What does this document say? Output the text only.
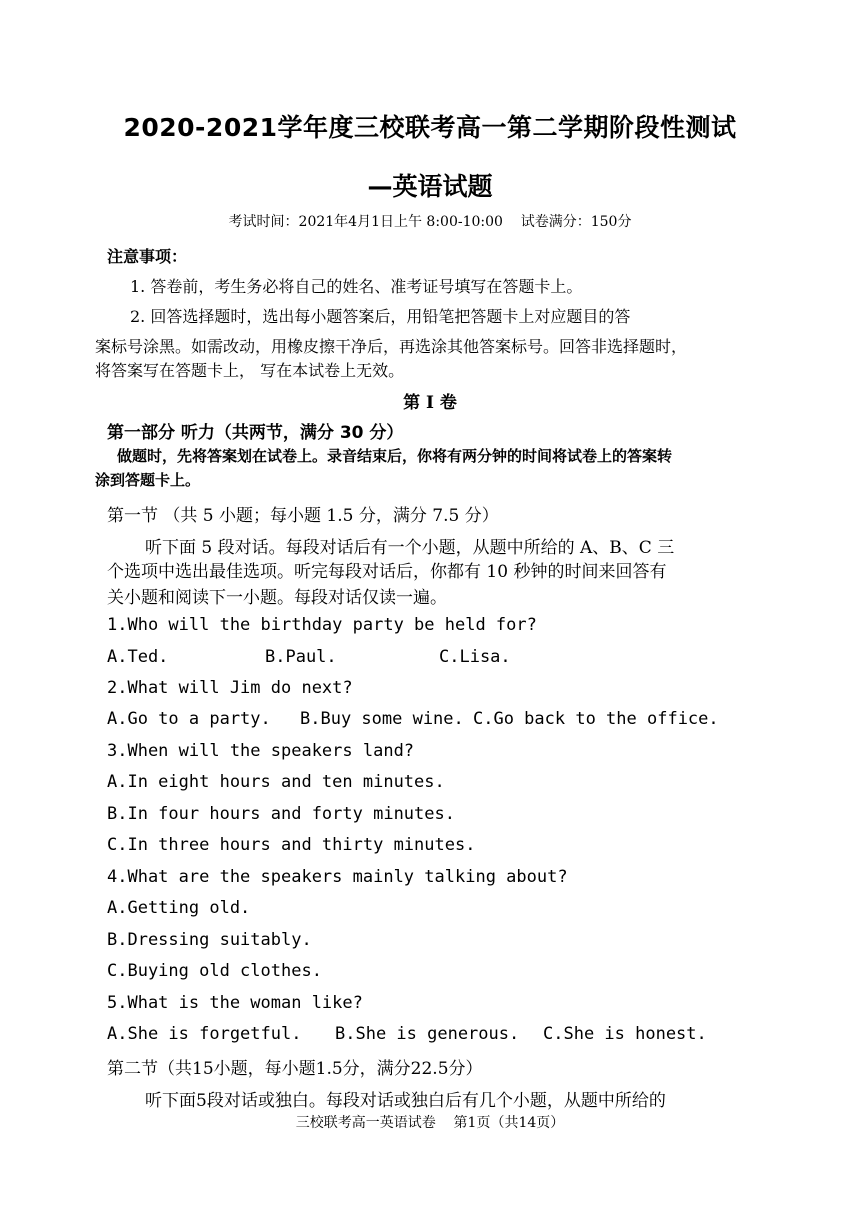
2020-2021学年度三校联考高一第二学期阶段性测试
—英语试题
考试时间：2021年4月1日上午 8:00-10:00    试卷满分：150分
注意事项：
1. 答卷前，考生务必将自己的姓名、准考证号填写在答题卡上。
2. 回答选择题时，选出每小题答案后，用铅笔把答题卡上对应题目的答
案标号涂黑。如需改动，用橡皮擦干净后，再选涂其他答案标号。回答非选择题时，
将答案写在答题卡上， 写在本试卷上无效。
第 I 卷
第一部分 听力（共两节，满分 30 分）
做题时，先将答案划在试卷上。录音结束后，你将有两分钟的时间将试卷上的答案转
涂到答题卡上。
第一节 （共 5 小题；每小题 1.5 分，满分 7.5 分）
听下面 5 段对话。每段对话后有一个小题，从题中所给的 A、B、C 三
个选项中选出最佳选项。听完每段对话后，你都有 10 秒钟的时间来回答有
关小题和阅读下一小题。每段对话仅读一遍。
1.Who will the birthday party be held for?
A.Ted.	B.Paul.	C.Lisa.
2.What will Jim do next?
A.Go to a party. B.Buy some wine. C.Go back to the office.
3.When will the speakers land?
A.In eight hours and ten minutes.
B.In four hours and forty minutes.
C.In three hours and thirty minutes.
4.What are the speakers mainly talking about?
A.Getting old.
B.Dressing suitably.
C.Buying old clothes.
5.What is the woman like?
A.She is forgetful. B.She is generous. C.She is honest.
第二节（共15小题，每小题1.5分，满分22.5分）
听下面5段对话或独白。每段对话或独白后有几个小题，从题中所给的
三校联考高一英语试卷    第1页（共14页）
